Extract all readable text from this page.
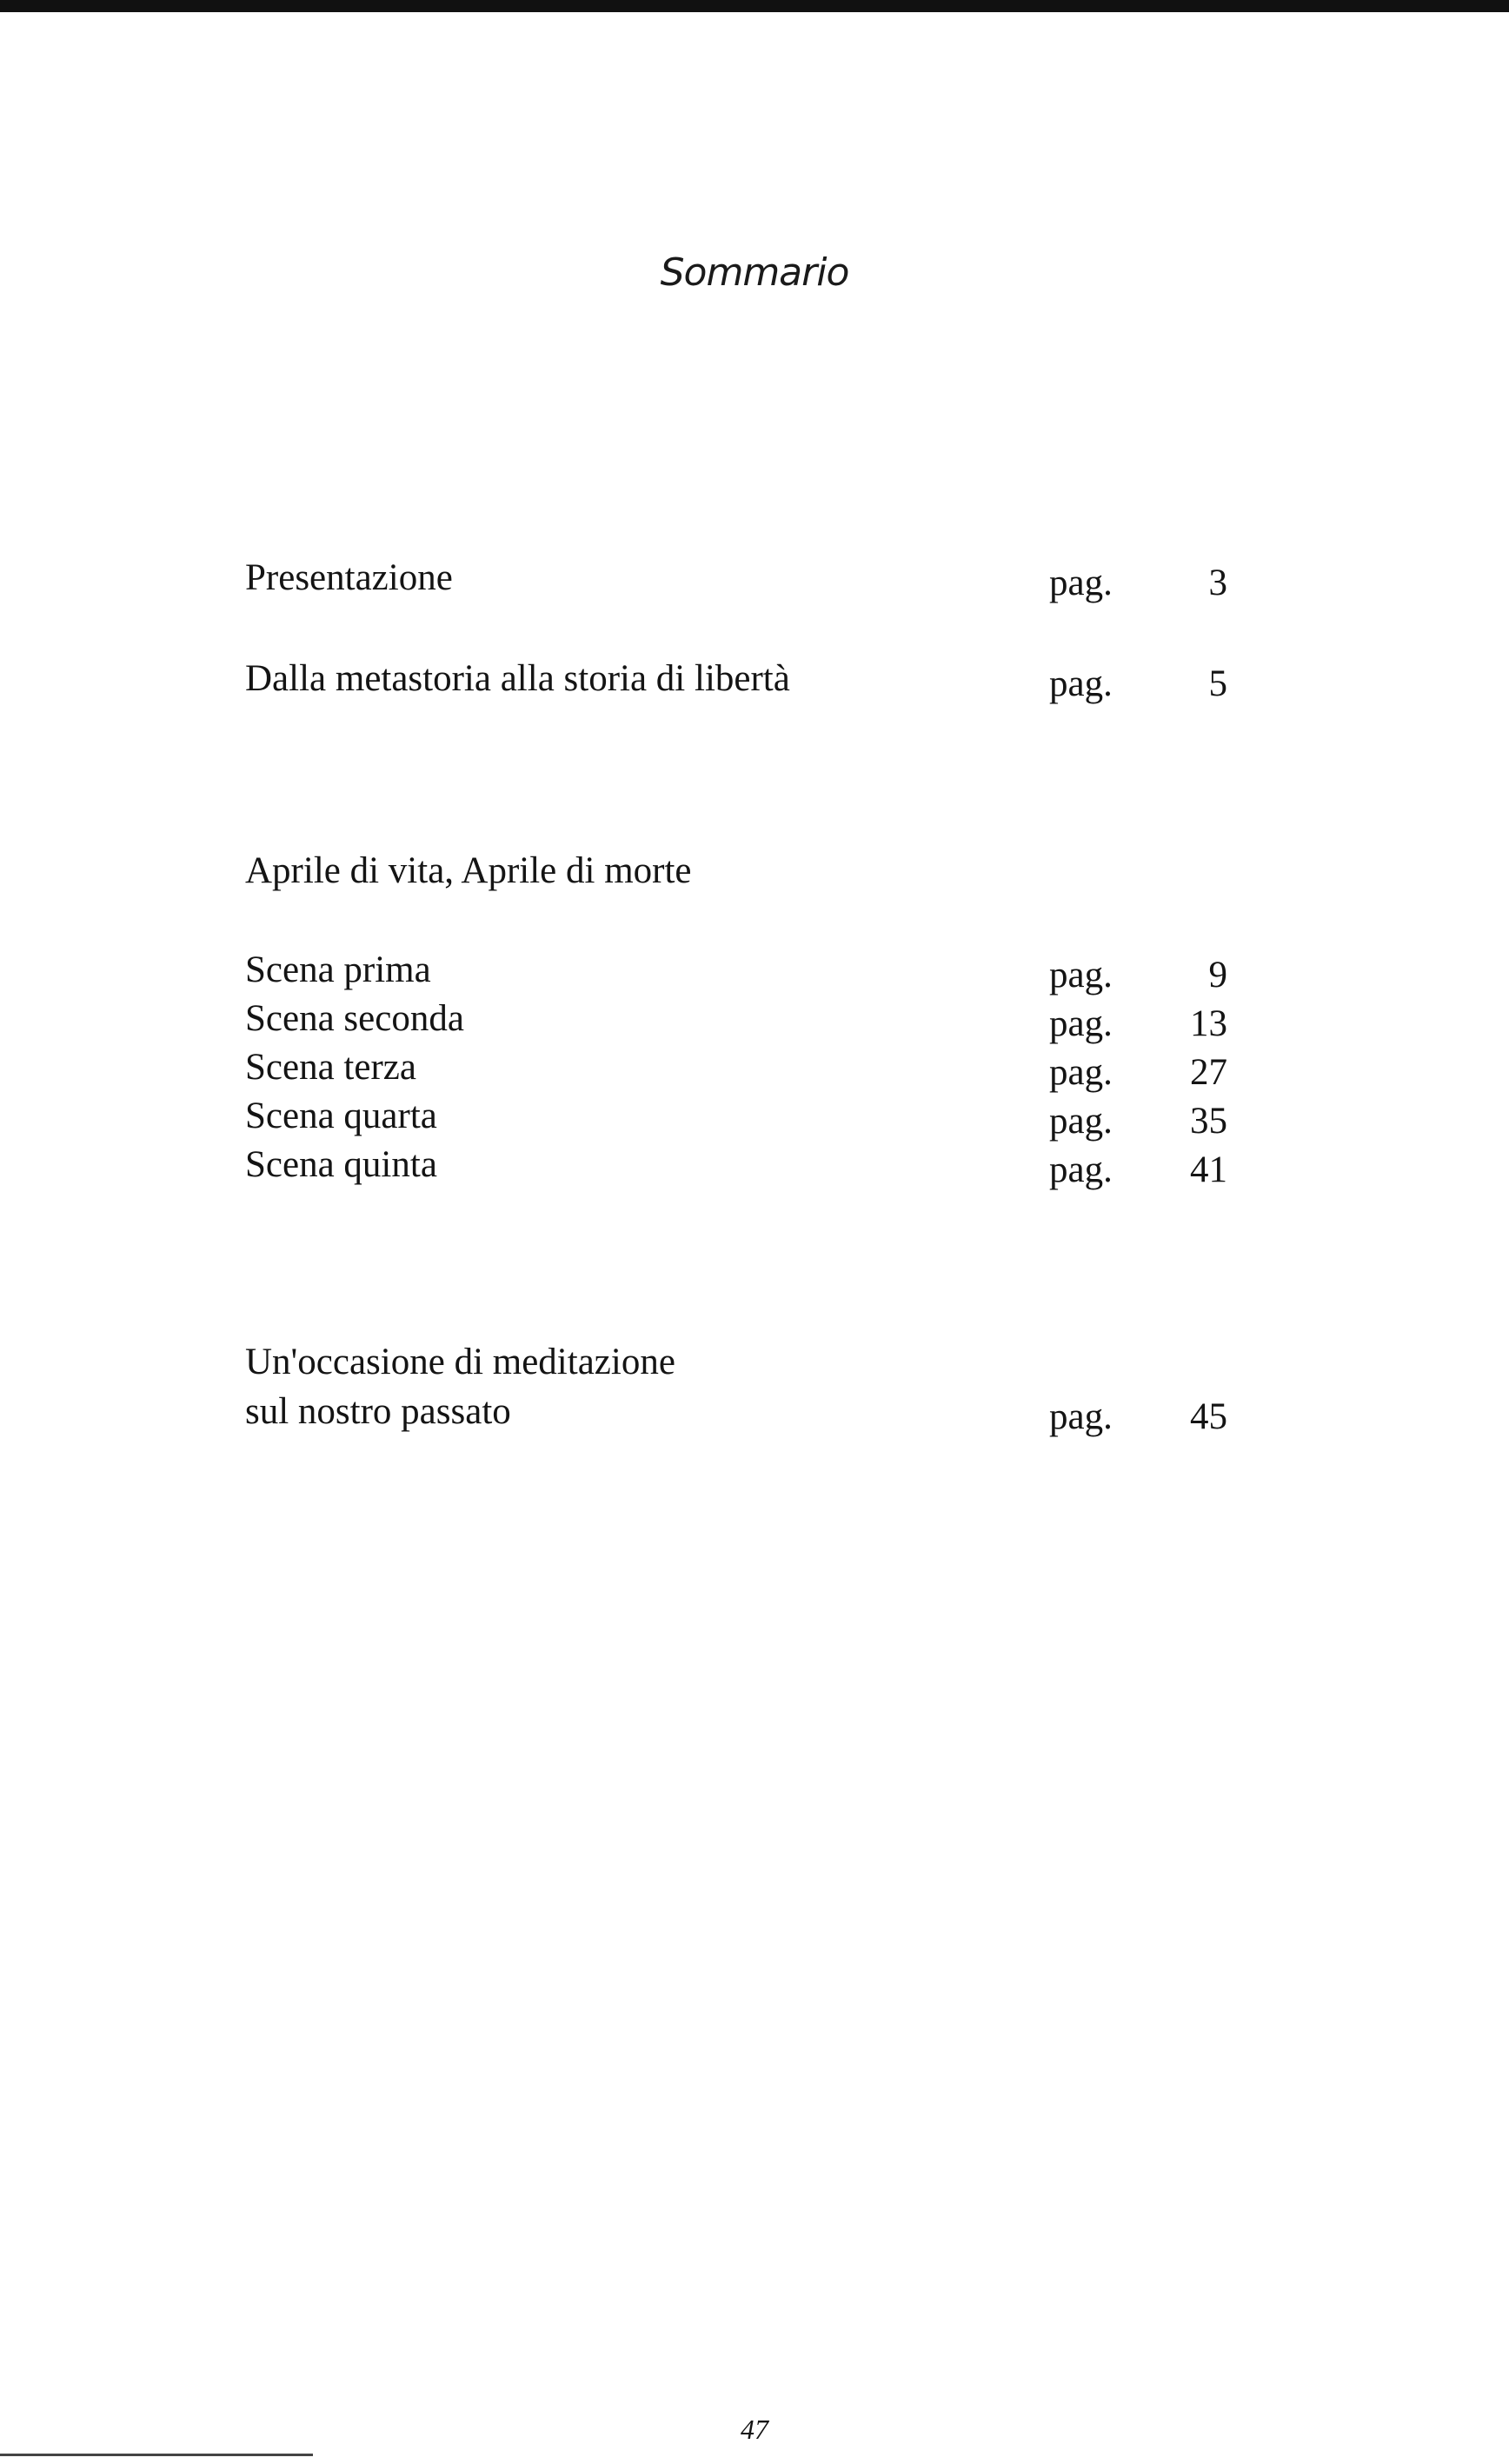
Sommario
Presentazione	pag.	3
Dalla metastoria alla storia di libertà	pag.	5
Aprile di vita, Aprile di morte
Scena prima	pag.	9
Scena seconda	pag. 13
Scena terza	pag. 27
Scena quarta	pag. 35
Scena quinta	pag. 41
Un'occasione di meditazione
sul nostro passato	pag. 45
47
